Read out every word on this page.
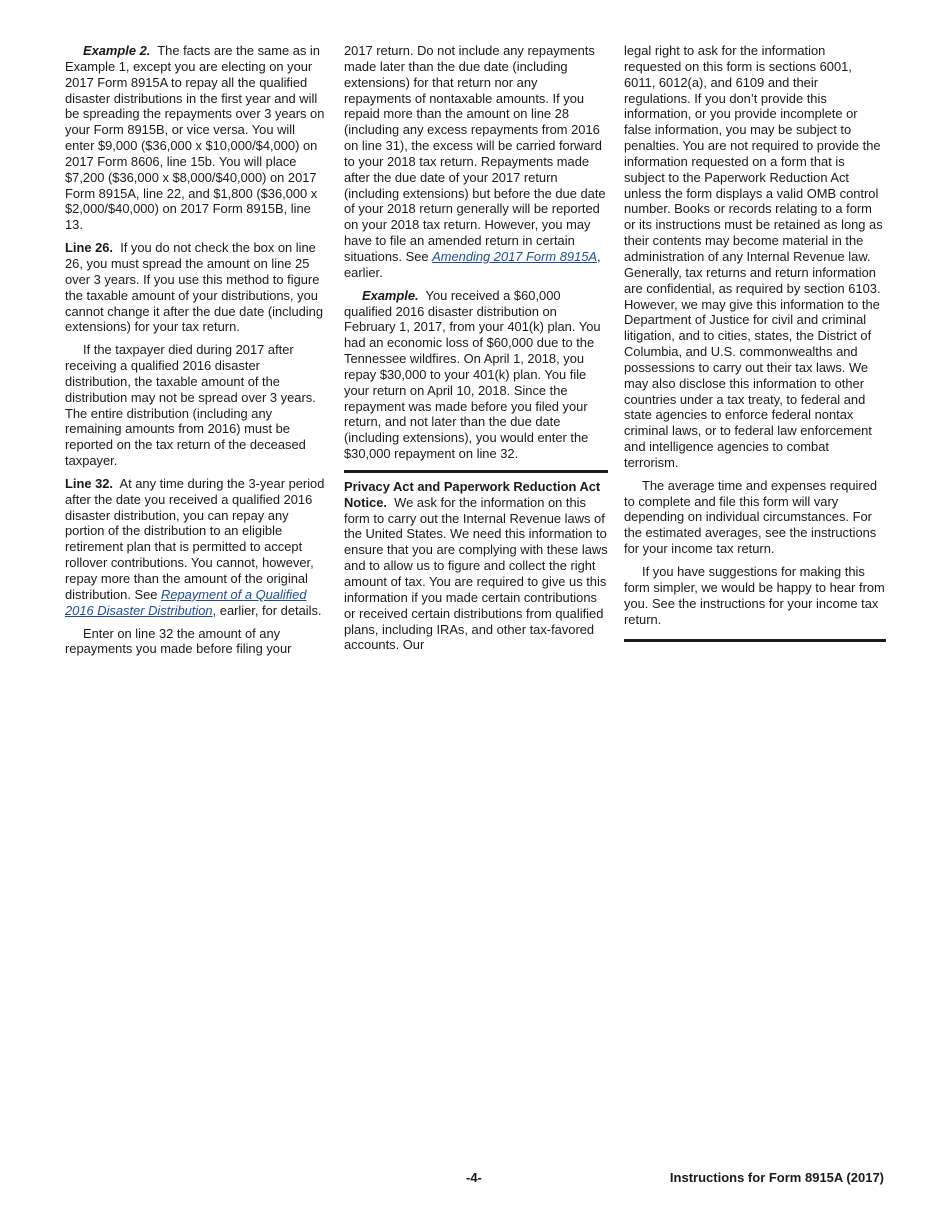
Example 2. The facts are the same as in Example 1, except you are electing on your 2017 Form 8915A to repay all the qualified disaster distributions in the first year and will be spreading the repayments over 3 years on your Form 8915B, or vice versa. You will enter $9,000 ($36,000 x $10,000/$4,000) on 2017 Form 8606, line 15b. You will place $7,200 ($36,000 x $8,000/$40,000) on 2017 Form 8915A, line 22, and $1,800 ($36,000 x $2,000/$40,000) on 2017 Form 8915B, line 13.

Line 26. If you do not check the box on line 26, you must spread the amount on line 25 over 3 years. If you use this method to figure the taxable amount of your distributions, you cannot change it after the due date (including extensions) for your tax return.

If the taxpayer died during 2017 after receiving a qualified 2016 disaster distribution, the taxable amount of the distribution may not be spread over 3 years. The entire distribution (including any remaining amounts from 2016) must be reported on the tax return of the deceased taxpayer.

Line 32. At any time during the 3-year period after the date you received a qualified 2016 disaster distribution, you can repay any portion of the distribution to an eligible retirement plan that is permitted to accept rollover contributions. You cannot, however, repay more than the amount of the original distribution. See Repayment of a Qualified 2016 Disaster Distribution, earlier, for details.

Enter on line 32 the amount of any repayments you made before filing your

2017 return. Do not include any repayments made later than the due date (including extensions) for that return nor any repayments of nontaxable amounts. If you repaid more than the amount on line 28 (including any excess repayments from 2016 on line 31), the excess will be carried forward to your 2018 tax return. Repayments made after the due date of your 2017 return (including extensions) but before the due date of your 2018 return generally will be reported on your 2018 tax return. However, you may have to file an amended return in certain situations. See Amending 2017 Form 8915A, earlier.

Example. You received a $60,000 qualified 2016 disaster distribution on February 1, 2017, from your 401(k) plan. You had an economic loss of $60,000 due to the Tennessee wildfires. On April 1, 2018, you repay $30,000 to your 401(k) plan. You file your return on April 10, 2018. Since the repayment was made before you filed your return, and not later than the due date (including extensions), you would enter the $30,000 repayment on line 32.

Privacy Act and Paperwork Reduction Act Notice. We ask for the information on this form to carry out the Internal Revenue laws of the United States. We need this information to ensure that you are complying with these laws and to allow us to figure and collect the right amount of tax. You are required to give us this information if you made certain contributions or received certain distributions from qualified plans, including IRAs, and other tax-favored accounts. Our

legal right to ask for the information requested on this form is sections 6001, 6011, 6012(a), and 6109 and their regulations. If you don’t provide this information, or you provide incomplete or false information, you may be subject to penalties. You are not required to provide the information requested on a form that is subject to the Paperwork Reduction Act unless the form displays a valid OMB control number. Books or records relating to a form or its instructions must be retained as long as their contents may become material in the administration of any Internal Revenue law. Generally, tax returns and return information are confidential, as required by section 6103. However, we may give this information to the Department of Justice for civil and criminal litigation, and to cities, states, the District of Columbia, and U.S. commonwealths and possessions to carry out their tax laws. We may also disclose this information to other countries under a tax treaty, to federal and state agencies to enforce federal nontax criminal laws, or to federal law enforcement and intelligence agencies to combat terrorism.

The average time and expenses required to complete and file this form will vary depending on individual circumstances. For the estimated averages, see the instructions for your income tax return.

If you have suggestions for making this form simpler, we would be happy to hear from you. See the instructions for your income tax return.

-4-	Instructions for Form 8915A (2017)
